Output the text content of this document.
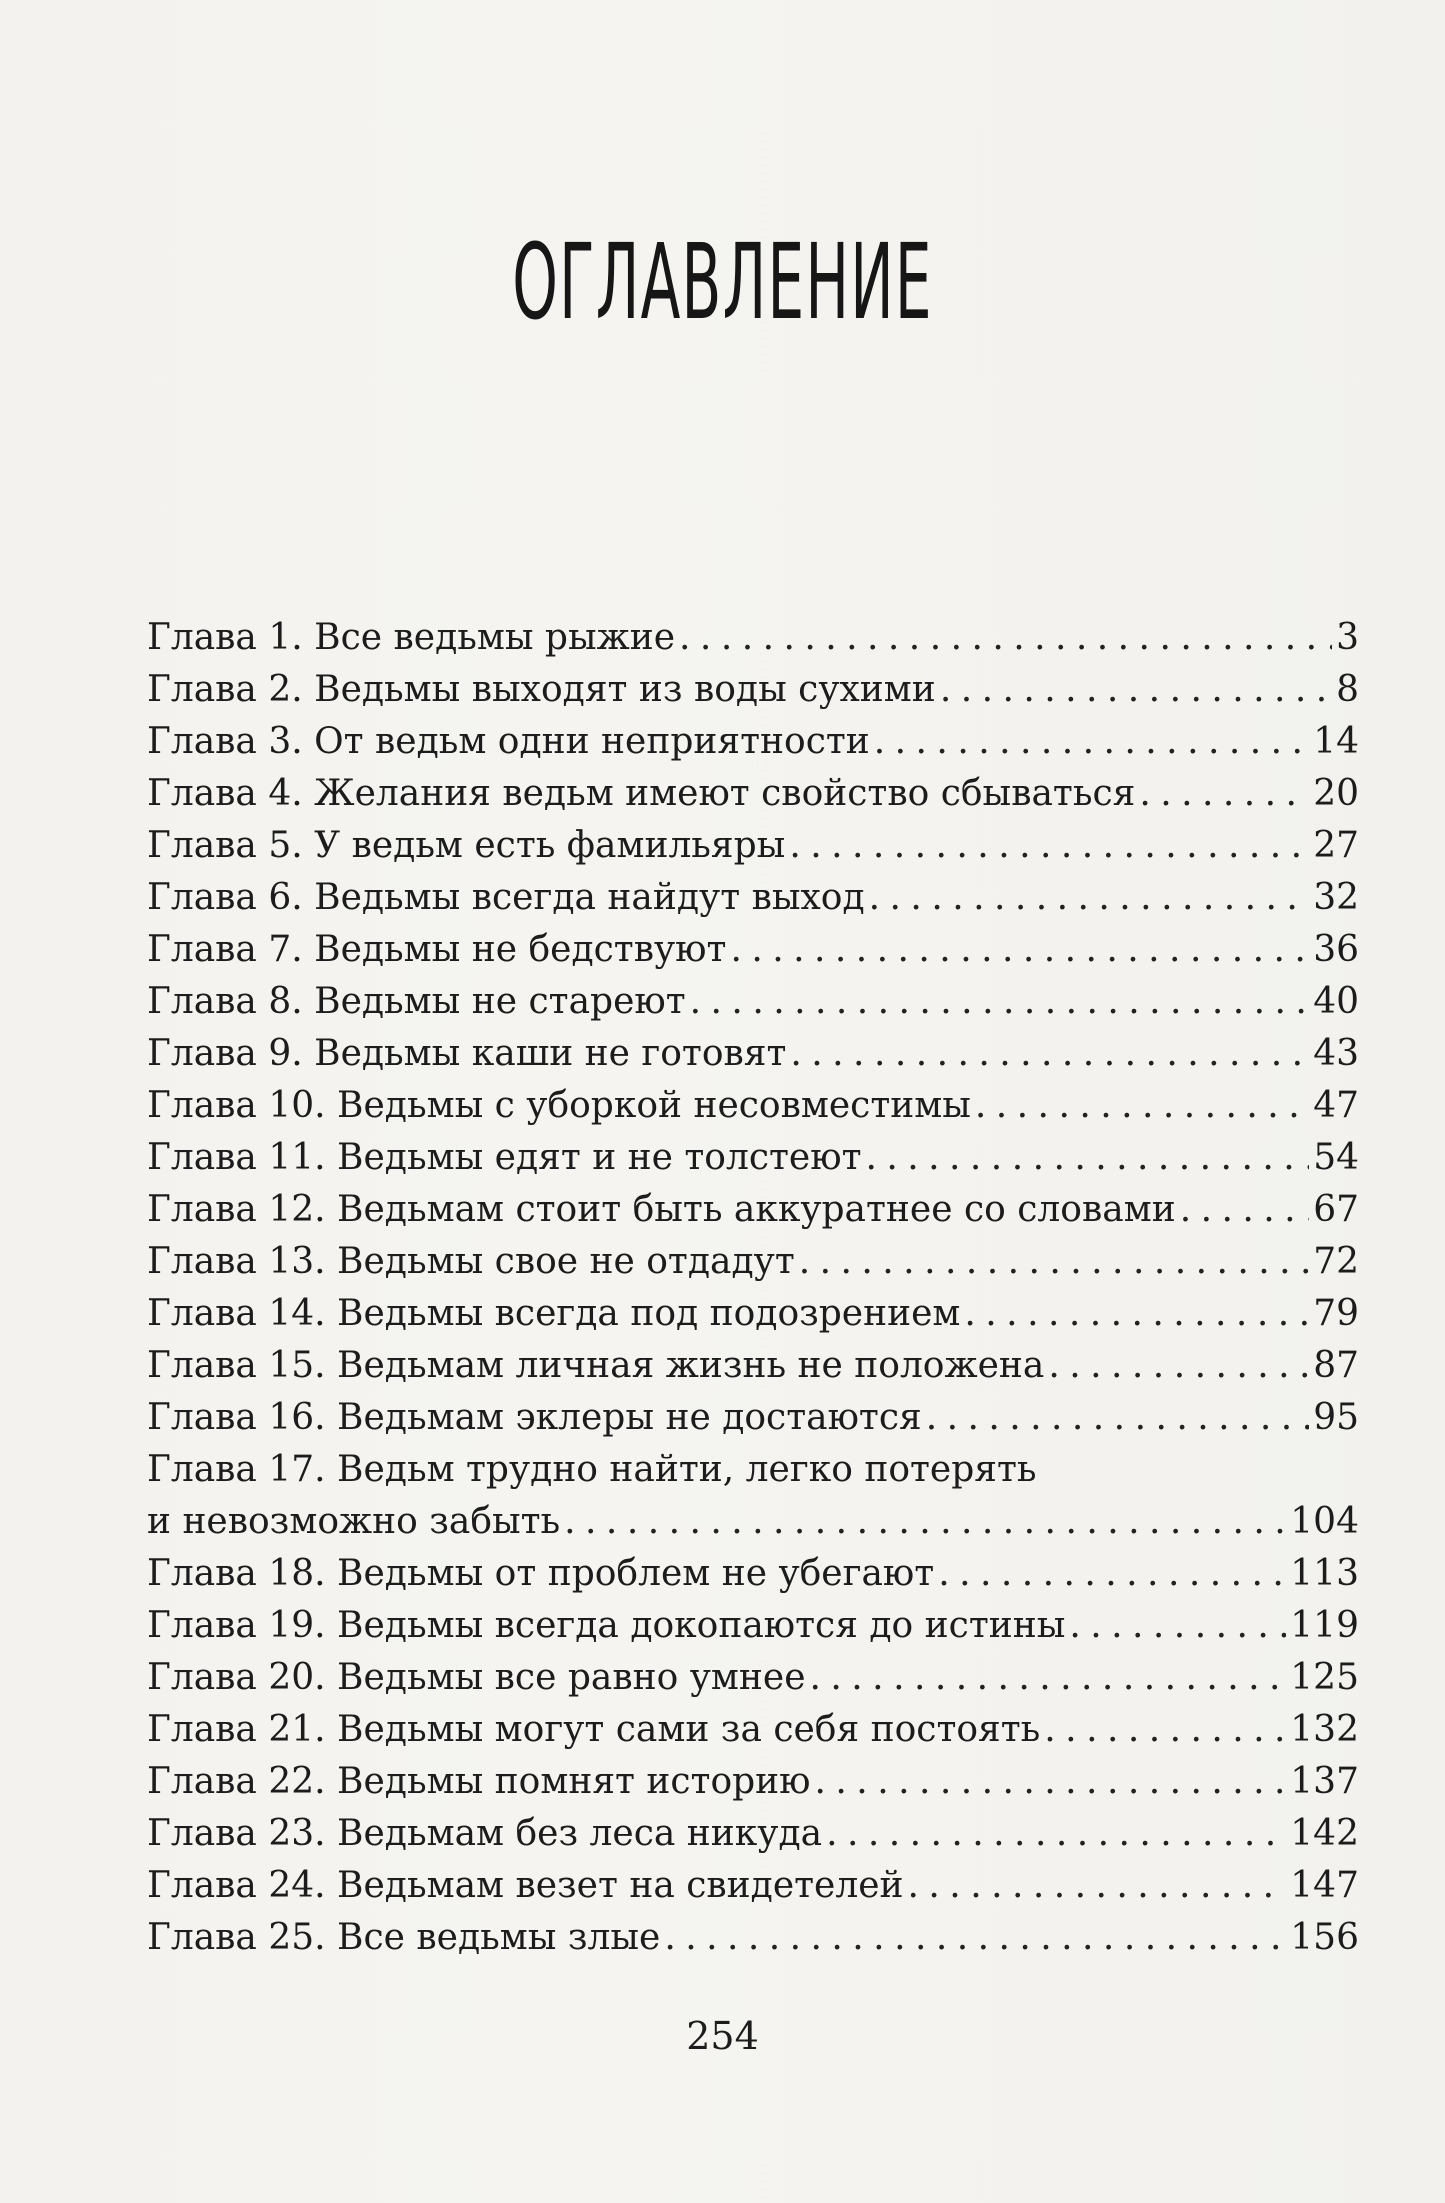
ОГЛАВЛЕНИЕ
Глава 1. Все ведьмы рыжие . . .	3
Глава 2. Ведьмы выходят из воды сухими . . .	8
Глава 3. От ведьм одни неприятности . . .	14
Глава 4. Желания ведьм имеют свойство сбываться . . .	20
Глава 5. У ведьм есть фамильяры . . .	27
Глава 6. Ведьмы всегда найдут выход . . .	32
Глава 7. Ведьмы не бедствуют . . .	36
Глава 8. Ведьмы не стареют . . .	40
Глава 9. Ведьмы каши не готовят . . .	43
Глава 10. Ведьмы с уборкой несовместимы . . .	47
Глава 11. Ведьмы едят и не толстеют . . .	54
Глава 12. Ведьмам стоит быть аккуратнее со словами . . .	67
Глава 13. Ведьмы свое не отдадут . . .	72
Глава 14. Ведьмы всегда под подозрением . . .	79
Глава 15. Ведьмам личная жизнь не положена . . .	87
Глава 16. Ведьмам эклеры не достаются . . .	95
Глава 17. Ведьм трудно найти, легко потерять
и невозможно забыть . . .	104
Глава 18. Ведьмы от проблем не убегают . . .	113
Глава 19. Ведьмы всегда докопаются до истины . . .	119
Глава 20. Ведьмы все равно умнее . . .	125
Глава 21. Ведьмы могут сами за себя постоять . . .	132
Глава 22. Ведьмы помнят историю . . .	137
Глава 23. Ведьмам без леса никуда . . .	142
Глава 24. Ведьмам везет на свидетелей . . .	147
Глава 25. Все ведьмы злые . . .	156
254
